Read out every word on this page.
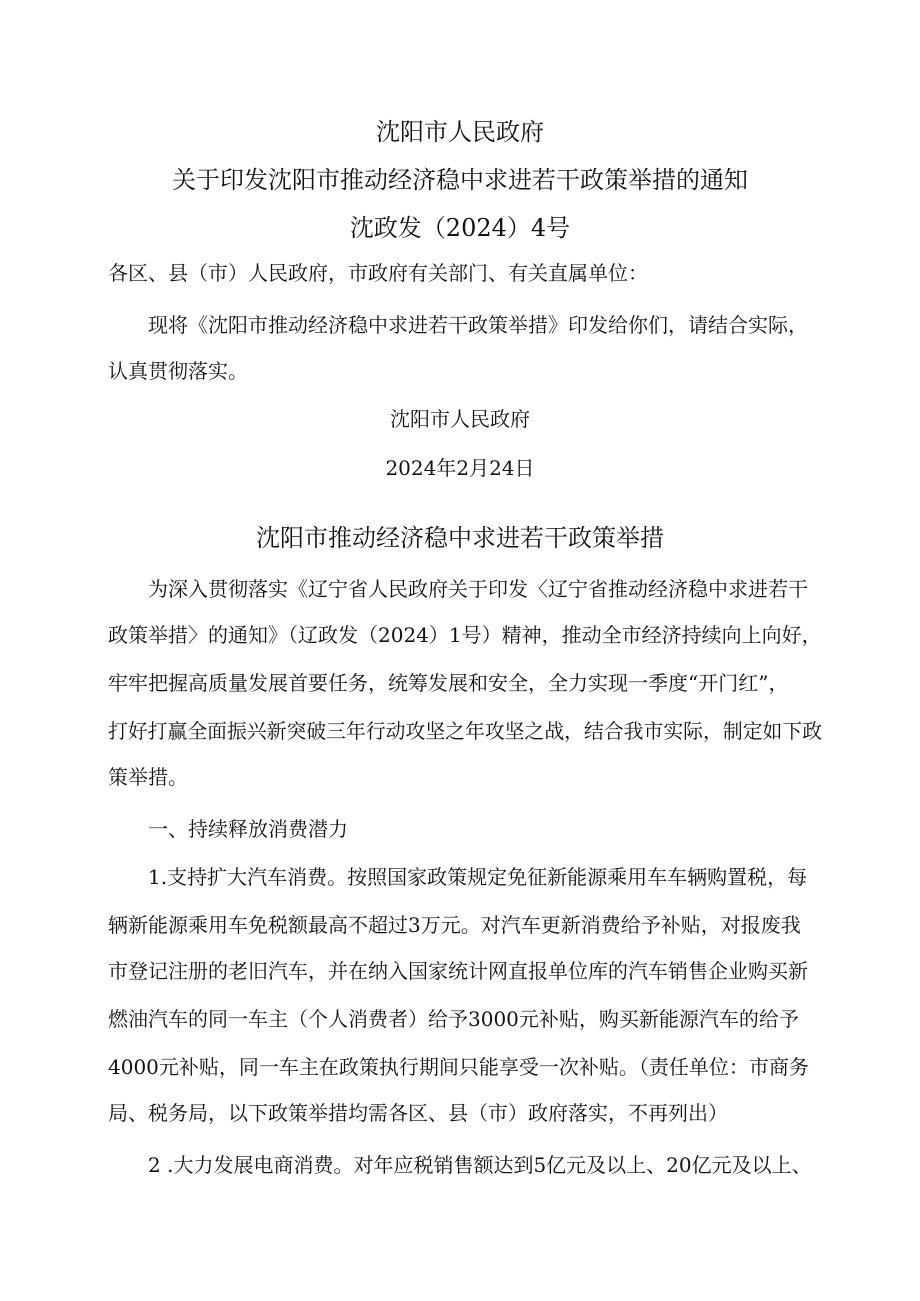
沈阳市人民政府
关于印发沈阳市推动经济稳中求进若干政策举措的通知
沈政发（2024）4号
各区、县（市）人民政府，市政府有关部门、有关直属单位：
现将《沈阳市推动经济稳中求进若干政策举措》印发给你们，请结合实际，
认真贯彻落实。
沈阳市人民政府
2024年2月24日
沈阳市推动经济稳中求进若干政策举措
为深入贯彻落实《辽宁省人民政府关于印发〈辽宁省推动经济稳中求进若干
政策举措〉的通知》（辽政发（2024）1号）精神，推动全市经济持续向上向好，
牢牢把握高质量发展首要任务，统筹发展和安全，全力实现一季度“开门红”，
打好打赢全面振兴新突破三年行动攻坚之年攻坚之战，结合我市实际，制定如下政
策举措。
一、持续释放消费潜力
1.支持扩大汽车消费。按照国家政策规定免征新能源乘用车车辆购置税，每
辆新能源乘用车免税额最高不超过3万元。对汽车更新消费给予补贴，对报废我
市登记注册的老旧汽车，并在纳入国家统计网直报单位库的汽车销售企业购买新
燃油汽车的同一车主（个人消费者）给予3000元补贴，购买新能源汽车的给予
4000元补贴，同一车主在政策执行期间只能享受一次补贴。（责任单位：市商务
局、税务局，以下政策举措均需各区、县（市）政府落实，不再列出）
2 .大力发展电商消费。对年应税销售额达到5亿元及以上、20亿元及以上、
